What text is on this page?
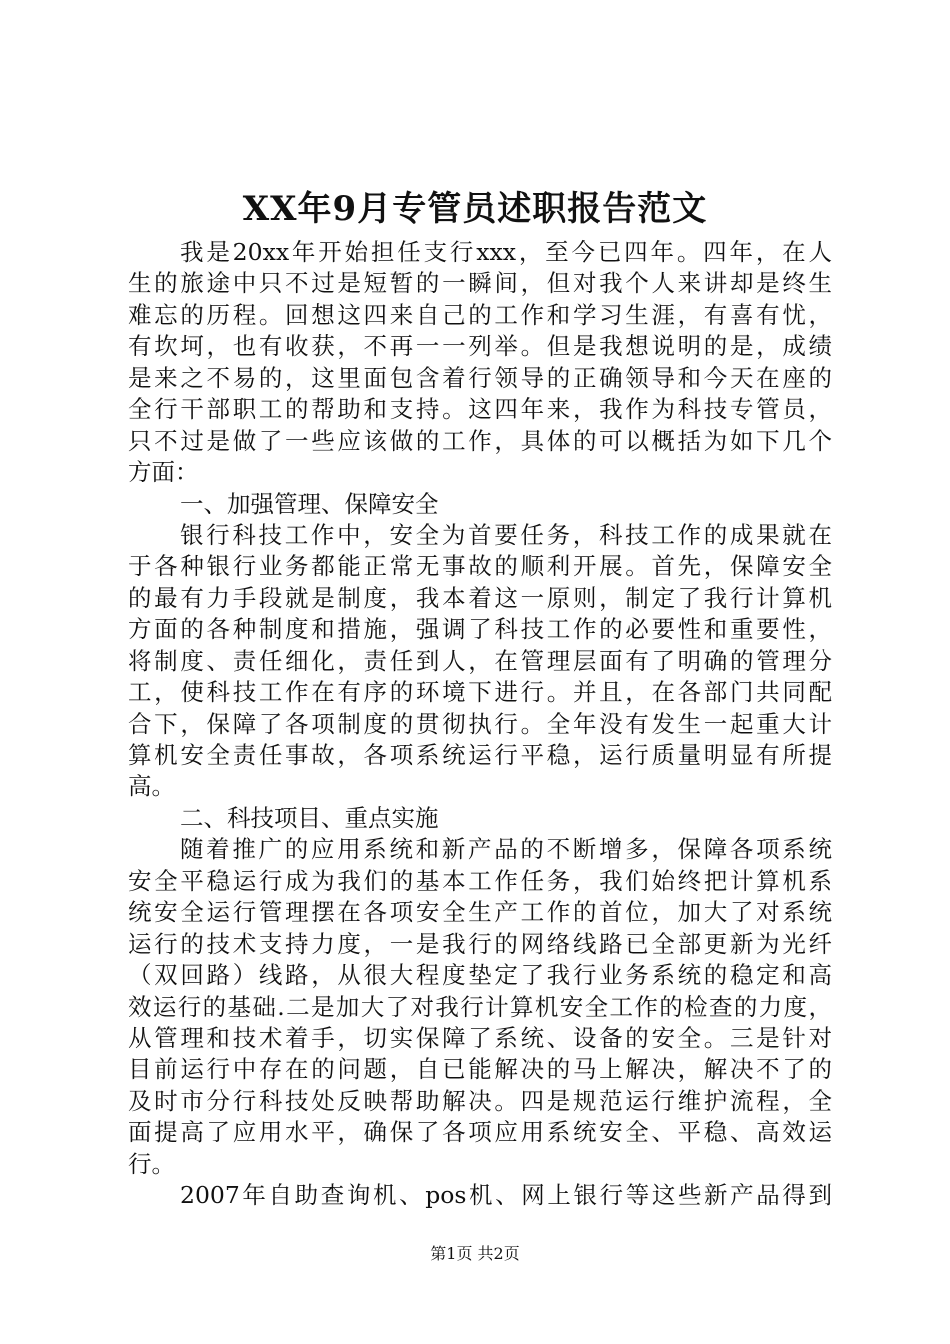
XX年9月专管员述职报告范文
我是20xx年开始担任支行xxx，至今已四年。四年，在人
生的旅途中只不过是短暂的一瞬间，但对我个人来讲却是终生
难忘的历程。回想这四来自己的工作和学习生涯，有喜有忧，
有坎坷，也有收获，不再一一列举。但是我想说明的是，成绩
是来之不易的，这里面包含着行领导的正确领导和今天在座的
全行干部职工的帮助和支持。这四年来，我作为科技专管员，
只不过是做了一些应该做的工作，具体的可以概括为如下几个
方面：
一、加强管理、保障安全
银行科技工作中，安全为首要任务，科技工作的成果就在
于各种银行业务都能正常无事故的顺利开展。首先，保障安全
的最有力手段就是制度，我本着这一原则，制定了我行计算机
方面的各种制度和措施，强调了科技工作的必要性和重要性，
将制度、责任细化，责任到人，在管理层面有了明确的管理分
工，使科技工作在有序的环境下进行。并且，在各部门共同配
合下，保障了各项制度的贯彻执行。全年没有发生一起重大计
算机安全责任事故，各项系统运行平稳，运行质量明显有所提
高。
二、科技项目、重点实施
随着推广的应用系统和新产品的不断增多，保障各项系统
安全平稳运行成为我们的基本工作任务，我们始终把计算机系
统安全运行管理摆在各项安全生产工作的首位，加大了对系统
运行的技术支持力度，一是我行的网络线路已全部更新为光纤
（双回路）线路，从很大程度垫定了我行业务系统的稳定和高
效运行的基础.二是加大了对我行计算机安全工作的检查的力度，
从管理和技术着手，切实保障了系统、设备的安全。三是针对
目前运行中存在的问题，自已能解决的马上解决，解决不了的
及时市分行科技处反映帮助解决。四是规范运行维护流程，全
面提高了应用水平，确保了各项应用系统安全、平稳、高效运
行。
2007年自助查询机、pos机、网上银行等这些新产品得到
第1页 共2页
